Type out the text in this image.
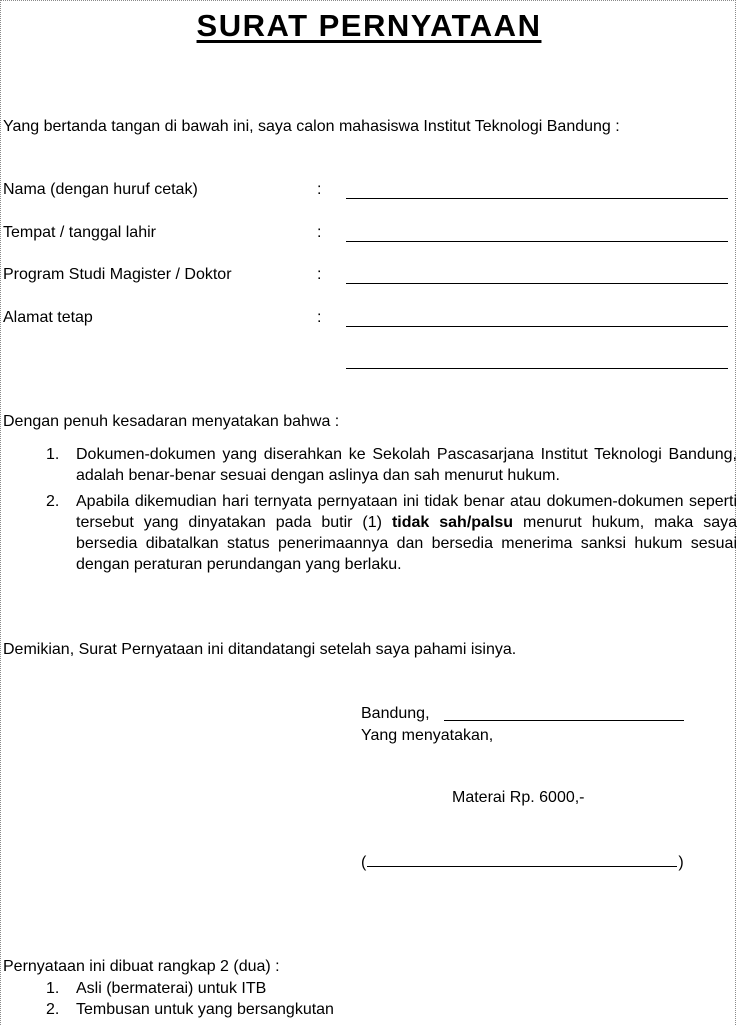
SURAT PERNYATAAN
Yang bertanda tangan di bawah ini, saya calon mahasiswa Institut Teknologi Bandung :
Nama (dengan huruf cetak)	:
Tempat / tanggal lahir	:
Program Studi Magister / Doktor	:
Alamat tetap	:
Dengan penuh kesadaran menyatakan bahwa :
1. Dokumen-dokumen yang diserahkan ke Sekolah Pascasarjana Institut Teknologi Bandung, adalah benar-benar sesuai dengan aslinya dan sah menurut hukum.
2. Apabila dikemudian hari ternyata pernyataan ini tidak benar atau dokumen-dokumen seperti tersebut yang dinyatakan pada butir (1) tidak sah/palsu menurut hukum, maka saya bersedia dibatalkan status penerimaannya dan bersedia menerima sanksi hukum sesuai dengan peraturan perundangan yang berlaku.
Demikian, Surat Pernyataan ini ditandatangi setelah saya pahami isinya.
Bandung,
Yang menyatakan,
Materai Rp. 6000,-
(	)
Pernyataan ini dibuat rangkap 2 (dua) :
1. Asli (bermaterai) untuk ITB
2. Tembusan untuk yang bersangkutan
